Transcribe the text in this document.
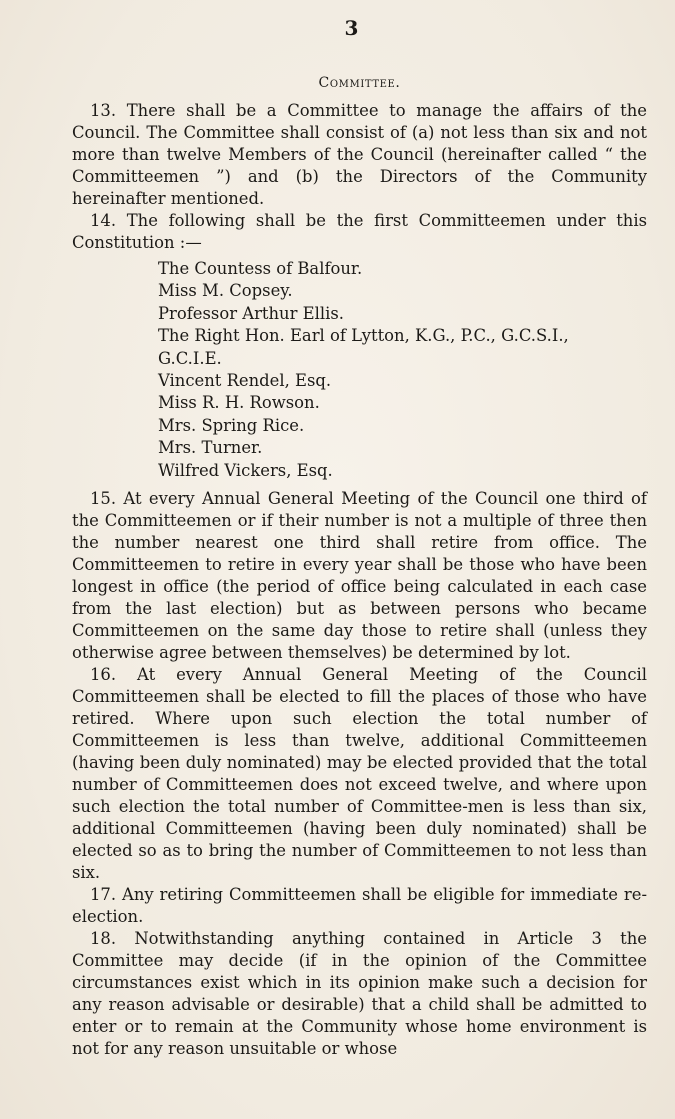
3
Committee.

13. There shall be a Committee to manage the affairs of the Council. The Committee shall consist of (a) not less than six and not more than twelve Members of the Council (hereinafter called “ the Committeemen ”) and (b) the Directors of the Community hereinafter mentioned.

14. The following shall be the first Committeemen under this Constitution :—

The Countess of Balfour.
Miss M. Copsey.
Professor Arthur Ellis.
The Right Hon. Earl of Lytton, K.G., P.C., G.C.S.I.,
G.C.I.E.
Vincent Rendel, Esq.
Miss R. H. Rowson.
Mrs. Spring Rice.
Mrs. Turner.
Wilfred Vickers, Esq.

15. At every Annual General Meeting of the Council one third of the Committeemen or if their number is not a multiple of three then the number nearest one third shall retire from office. The Committeemen to retire in every year shall be those who have been longest in office (the period of office being calculated in each case from the last election) but as between persons who became Committeemen on the same day those to retire shall (unless they otherwise agree between themselves) be determined by lot.

16. At every Annual General Meeting of the Council Committeemen shall be elected to fill the places of those who have retired. Where upon such election the total number of Committeemen is less than twelve, additional Committeemen (having been duly nominated) may be elected provided that the total number of Committeemen does not exceed twelve, and where upon such election the total number of Committee-men is less than six, additional Committeemen (having been duly nominated) shall be elected so as to bring the number of Committeemen to not less than six.

17. Any retiring Committeemen shall be eligible for immediate re-election.

18. Notwithstanding anything contained in Article 3 the Committee may decide (if in the opinion of the Committee circumstances exist which in its opinion make such a decision for any reason advisable or desirable) that a child shall be admitted to enter or to remain at the Community whose home environment is not for any reason unsuitable or whose
